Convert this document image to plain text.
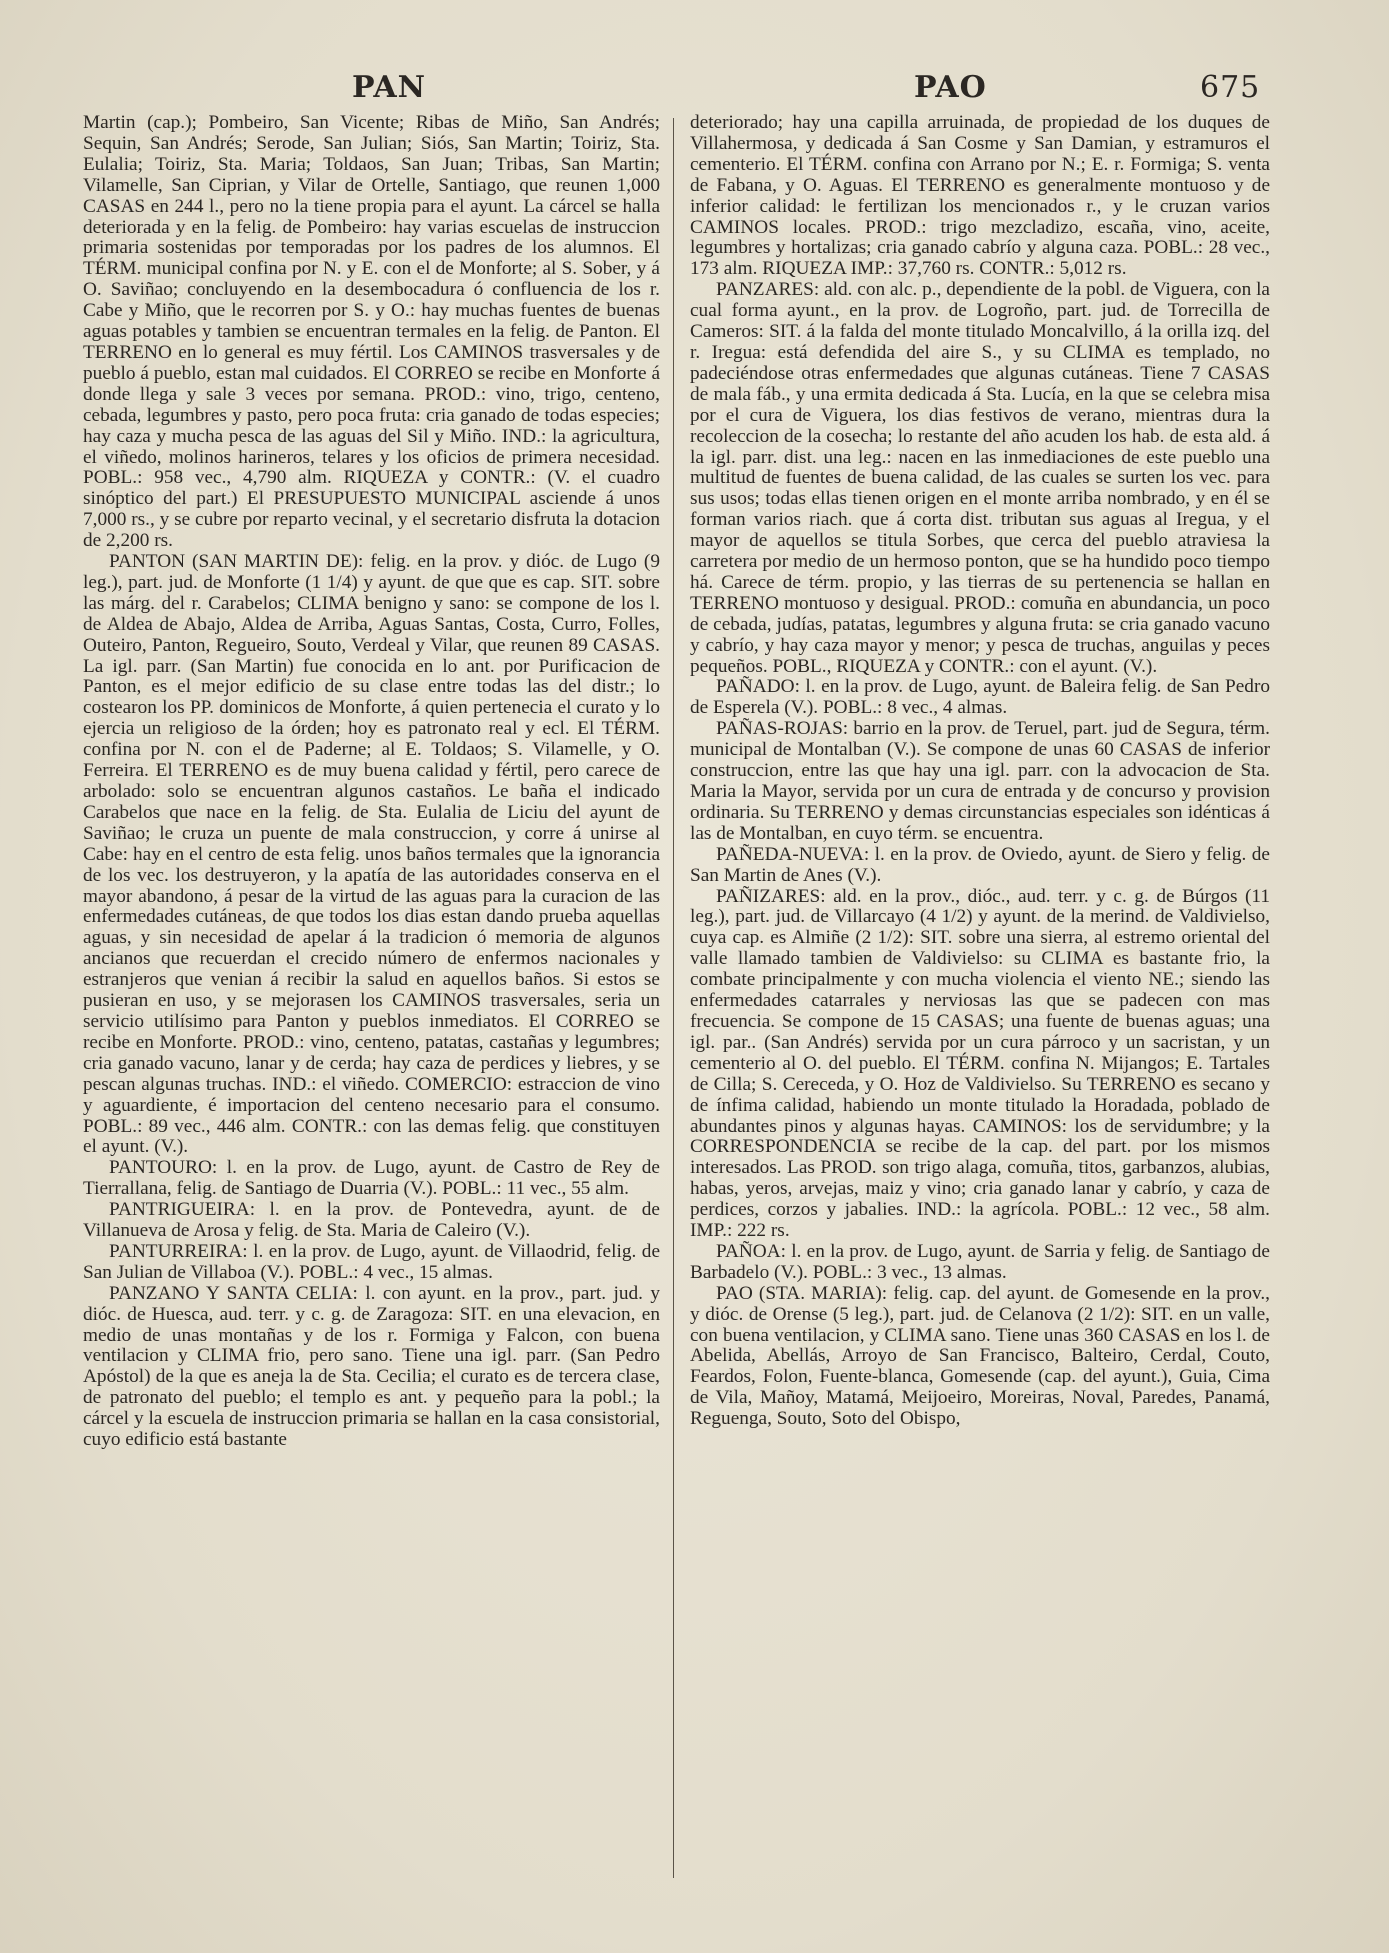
PAN	PAO	675

Martin (cap.); Pombeiro, San Vicente; Ribas de Miño, San Andrés; Sequin, San Andrés; Serode, San Julian; Siós, San Martin; Toiriz, Sta. Eulalia; Toiriz, Sta. Maria; Toldaos, San Juan; Tribas, San Martin; Vilamelle, San Ciprian, y Vilar de Ortelle, Santiago, que reunen 1,000 CASAS en 244 l., pero no la tiene propia para el ayunt. La cárcel se halla deteriorada y en la felig. de Pombeiro: hay varias escuelas de instruccion primaria sostenidas por temporadas por los padres de los alumnos. El TÉRM. municipal confina por N. y E. con el de Monforte; al S. Sober, y á O. Saviñao; concluyendo en la desembocadura ó confluencia de los r. Cabe y Miño, que le recorren por S. y O.: hay muchas fuentes de buenas aguas potables y tambien se encuentran termales en la felig. de Panton. El TERRENO en lo general es muy fértil. Los CAMINOS trasversales y de pueblo á pueblo, estan mal cuidados. El CORREO se recibe en Monforte á donde llega y sale 3 veces por semana. PROD.: vino, trigo, centeno, cebada, legumbres y pasto, pero poca fruta: cria ganado de todas especies; hay caza y mucha pesca de las aguas del Sil y Miño. IND.: la agricultura, el viñedo, molinos harineros, telares y los oficios de primera necesidad. POBL.: 958 vec., 4,790 alm. RIQUEZA y CONTR.: (V. el cuadro sinóptico del part.) El PRESUPUESTO MUNICIPAL asciende á unos 7,000 rs., y se cubre por reparto vecinal, y el secretario disfruta la dotacion de 2,200 rs.

PANTON (SAN MARTIN DE): felig. en la prov. y dióc. de Lugo (9 leg.), part. jud. de Monforte (1 1/4) y ayunt. de que que es cap. SIT. sobre las márg. del r. Carabelos; CLIMA benigno y sano: se compone de los l. de Aldea de Abajo, Aldea de Arriba, Aguas Santas, Costa, Curro, Folles, Outeiro, Panton, Regueiro, Souto, Verdeal y Vilar, que reunen 89 CASAS. La igl. parr. (San Martin) fue conocida en lo ant. por Purificacion de Panton, es el mejor edificio de su clase entre todas las del distr.; lo costearon los PP. dominicos de Monforte, á quien pertenecia el curato y lo ejercia un religioso de la órden; hoy es patronato real y ecl. El TÉRM. confina por N. con el de Paderne; al E. Toldaos; S. Vilamelle, y O. Ferreira. El TERRENO es de muy buena calidad y fértil, pero carece de arbolado: solo se encuentran algunos castaños. Le baña el indicado Carabelos que nace en la felig. de Sta. Eulalia de Liciu del ayunt de Saviñao; le cruza un puente de mala construccion, y corre á unirse al Cabe: hay en el centro de esta felig. unos baños termales que la ignorancia de los vec. los destruyeron, y la apatía de las autoridades conserva en el mayor abandono, á pesar de la virtud de las aguas para la curacion de las enfermedades cutáneas, de que todos los dias estan dando prueba aquellas aguas, y sin necesidad de apelar á la tradicion ó memoria de algunos ancianos que recuerdan el crecido número de enfermos nacionales y estranjeros que venian á recibir la salud en aquellos baños. Si estos se pusieran en uso, y se mejorasen los CAMINOS trasversales, seria un servicio utilísimo para Panton y pueblos inmediatos. El CORREO se recibe en Monforte. PROD.: vino, centeno, patatas, castañas y legumbres; cria ganado vacuno, lanar y de cerda; hay caza de perdices y liebres, y se pescan algunas truchas. IND.: el viñedo. COMERCIO: estraccion de vino y aguardiente, é importacion del centeno necesario para el consumo. POBL.: 89 vec., 446 alm. CONTR.: con las demas felig. que constituyen el ayunt. (V.).

PANTOURO: l. en la prov. de Lugo, ayunt. de Castro de Rey de Tierrallana, felig. de Santiago de Duarria (V.). POBL.: 11 vec., 55 alm.

PANTRIGUEIRA: l. en la prov. de Pontevedra, ayunt. de de Villanueva de Arosa y felig. de Sta. Maria de Caleiro (V.).

PANTURREIRA: l. en la prov. de Lugo, ayunt. de Villaodrid, felig. de San Julian de Villaboa (V.). POBL.: 4 vec., 15 almas.

PANZANO Y SANTA CELIA: l. con ayunt. en la prov., part. jud. y dióc. de Huesca, aud. terr. y c. g. de Zaragoza: SIT. en una elevacion, en medio de unas montañas y de los r. Formiga y Falcon, con buena ventilacion y CLIMA frio, pero sano. Tiene una igl. parr. (San Pedro Apóstol) de la que es aneja la de Sta. Cecilia; el curato es de tercera clase, de patronato del pueblo; el templo es ant. y pequeño para la pobl.; la cárcel y la escuela de instruccion primaria se hallan en la casa consistorial, cuyo edificio está bastante

deteriorado; hay una capilla arruinada, de propiedad de los duques de Villahermosa, y dedicada á San Cosme y San Damian, y estramuros el cementerio. El TÉRM. confina con Arrano por N.; E. r. Formiga; S. venta de Fabana, y O. Aguas. El TERRENO es generalmente montuoso y de inferior calidad: le fertilizan los mencionados r., y le cruzan varios CAMINOS locales. PROD.: trigo mezcladizo, escaña, vino, aceite, legumbres y hortalizas; cria ganado cabrío y alguna caza. POBL.: 28 vec., 173 alm. RIQUEZA IMP.: 37,760 rs. CONTR.: 5,012 rs.

PANZARES: ald. con alc. p., dependiente de la pobl. de Viguera, con la cual forma ayunt., en la prov. de Logroño, part. jud. de Torrecilla de Cameros: SIT. á la falda del monte titulado Moncalvillo, á la orilla izq. del r. Iregua: está defendida del aire S., y su CLIMA es templado, no padeciéndose otras enfermedades que algunas cutáneas. Tiene 7 CASAS de mala fáb., y una ermita dedicada á Sta. Lucía, en la que se celebra misa por el cura de Viguera, los dias festivos de verano, mientras dura la recoleccion de la cosecha; lo restante del año acuden los hab. de esta ald. á la igl. parr. dist. una leg.: nacen en las inmediaciones de este pueblo una multitud de fuentes de buena calidad, de las cuales se surten los vec. para sus usos; todas ellas tienen origen en el monte arriba nombrado, y en él se forman varios riach. que á corta dist. tributan sus aguas al Iregua, y el mayor de aquellos se titula Sorbes, que cerca del pueblo atraviesa la carretera por medio de un hermoso ponton, que se ha hundido poco tiempo há. Carece de térm. propio, y las tierras de su pertenencia se hallan en TERRENO montuoso y desigual. PROD.: comuña en abundancia, un poco de cebada, judías, patatas, legumbres y alguna fruta: se cria ganado vacuno y cabrío, y hay caza mayor y menor; y pesca de truchas, anguilas y peces pequeños. POBL., RIQUEZA y CONTR.: con el ayunt. (V.).

PAÑADO: l. en la prov. de Lugo, ayunt. de Baleira felig. de San Pedro de Esperela (V.). POBL.: 8 vec., 4 almas.

PAÑAS-ROJAS: barrio en la prov. de Teruel, part. jud de Segura, térm. municipal de Montalban (V.). Se compone de unas 60 CASAS de inferior construccion, entre las que hay una igl. parr. con la advocacion de Sta. Maria la Mayor, servida por un cura de entrada y de concurso y provision ordinaria. Su TERRENO y demas circunstancias especiales son idénticas á las de Montalban, en cuyo térm. se encuentra.

PAÑEDA-NUEVA: l. en la prov. de Oviedo, ayunt. de Siero y felig. de San Martin de Anes (V.).

PAÑIZARES: ald. en la prov., dióc., aud. terr. y c. g. de Búrgos (11 leg.), part. jud. de Villarcayo (4 1/2) y ayunt. de la merind. de Valdivielso, cuya cap. es Almiñe (2 1/2): SIT. sobre una sierra, al estremo oriental del valle llamado tambien de Valdivielso: su CLIMA es bastante frio, la combate principalmente y con mucha violencia el viento NE.; siendo las enfermedades catarrales y nerviosas las que se padecen con mas frecuencia. Se compone de 15 CASAS; una fuente de buenas aguas; una igl. par.. (San Andrés) servida por un cura párroco y un sacristan, y un cementerio al O. del pueblo. El TÉRM. confina N. Mijangos; E. Tartales de Cilla; S. Cereceda, y O. Hoz de Valdivielso. Su TERRENO es secano y de ínfima calidad, habiendo un monte titulado la Horadada, poblado de abundantes pinos y algunas hayas. CAMINOS: los de servidumbre; y la CORRESPONDENCIA se recibe de la cap. del part. por los mismos interesados. Las PROD. son trigo alaga, comuña, titos, garbanzos, alubias, habas, yeros, arvejas, maiz y vino; cria ganado lanar y cabrío, y caza de perdices, corzos y jabalies. IND.: la agrícola. POBL.: 12 vec., 58 alm. IMP.: 222 rs.

PAÑOA: l. en la prov. de Lugo, ayunt. de Sarria y felig. de Santiago de Barbadelo (V.). POBL.: 3 vec., 13 almas.

PAO (STA. MARIA): felig. cap. del ayunt. de Gomesende en la prov., y dióc. de Orense (5 leg.), part. jud. de Celanova (2 1/2): SIT. en un valle, con buena ventilacion, y CLIMA sano. Tiene unas 360 CASAS en los l. de Abelida, Abellás, Arroyo de San Francisco, Balteiro, Cerdal, Couto, Feardos, Folon, Fuente-blanca, Gomesende (cap. del ayunt.), Guia, Cima de Vila, Mañoy, Matamá, Meijoeiro, Moreiras, Noval, Paredes, Panamá, Reguenga, Souto, Soto del Obispo,
